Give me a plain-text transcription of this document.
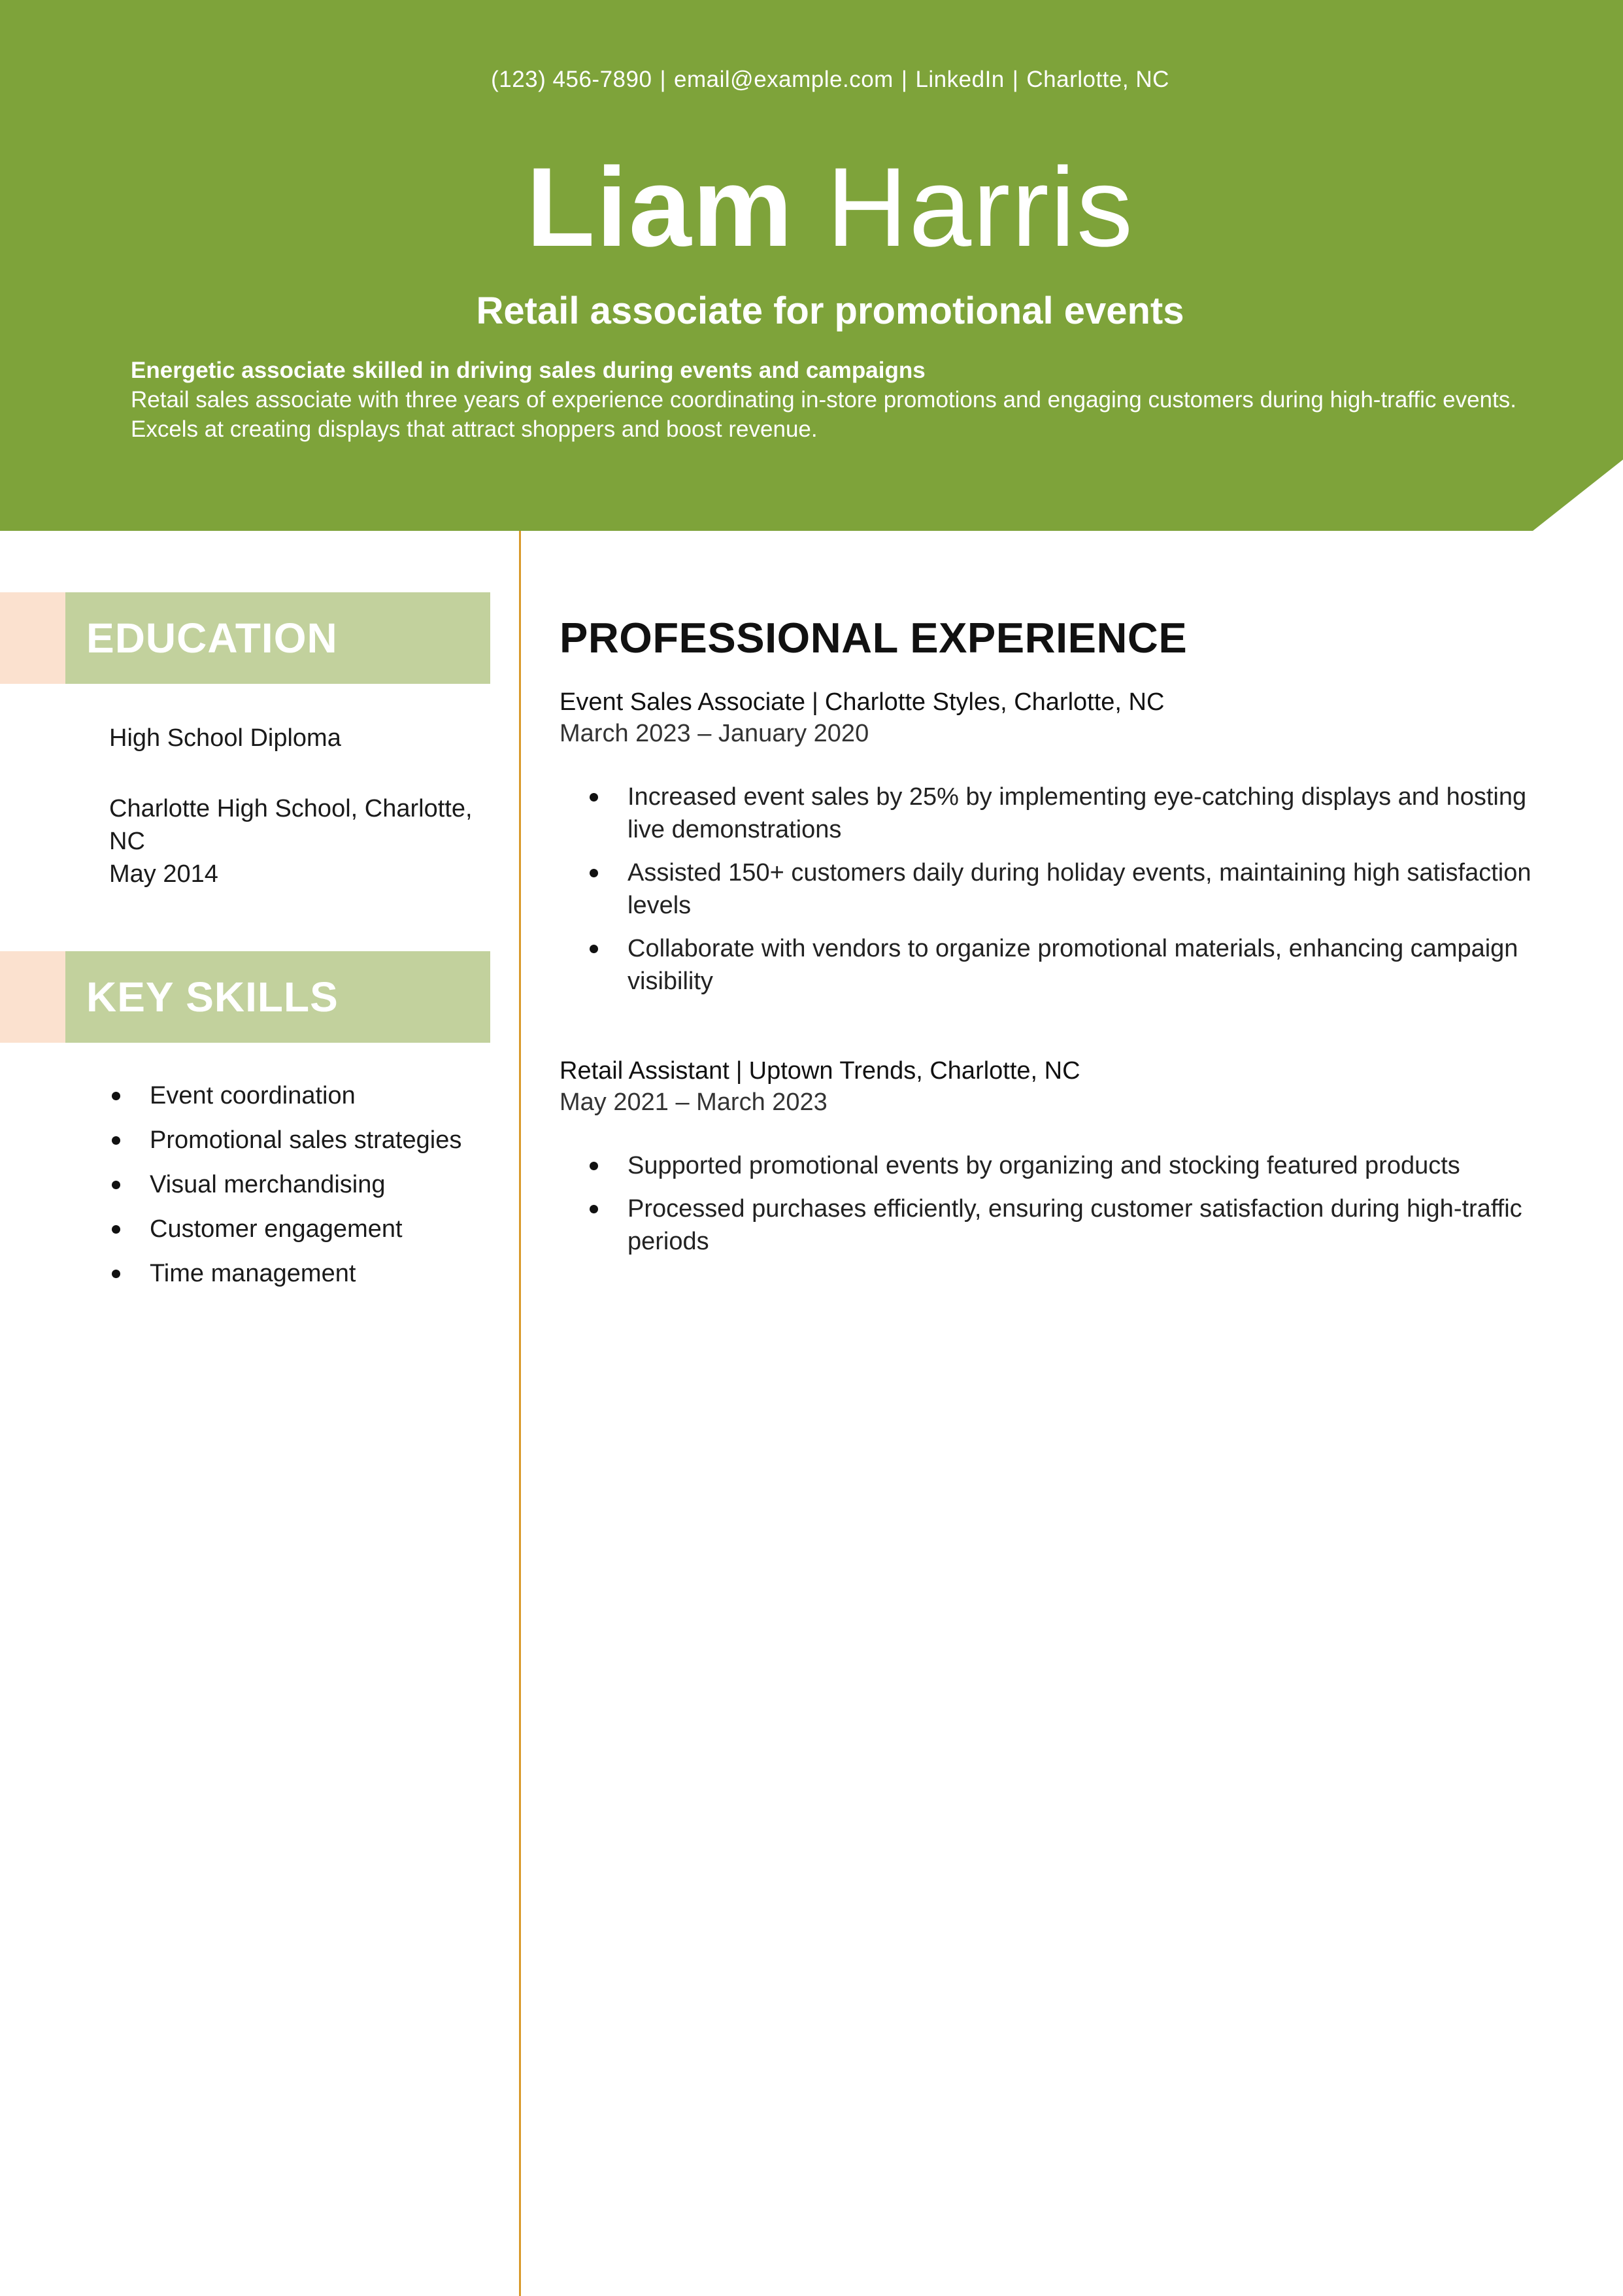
(123) 456-7890 | email@example.com | LinkedIn | Charlotte, NC
Liam Harris
Retail associate for promotional events
Energetic associate skilled in driving sales during events and campaigns
Retail sales associate with three years of experience coordinating in-store promotions and engaging customers during high-traffic events. Excels at creating displays that attract shoppers and boost revenue.
EDUCATION
High School Diploma
Charlotte High School, Charlotte, NC
May 2014
KEY SKILLS
Event coordination
Promotional sales strategies
Visual merchandising
Customer engagement
Time management
PROFESSIONAL EXPERIENCE
Event Sales Associate | Charlotte Styles, Charlotte, NC
March 2023 – January 2020
Increased event sales by 25% by implementing eye-catching displays and hosting live demonstrations
Assisted 150+ customers daily during holiday events, maintaining high satisfaction levels
Collaborate with vendors to organize promotional materials, enhancing campaign visibility
Retail Assistant | Uptown Trends, Charlotte, NC
May 2021 – March 2023
Supported promotional events by organizing and stocking featured products
Processed purchases efficiently, ensuring customer satisfaction during high-traffic periods
